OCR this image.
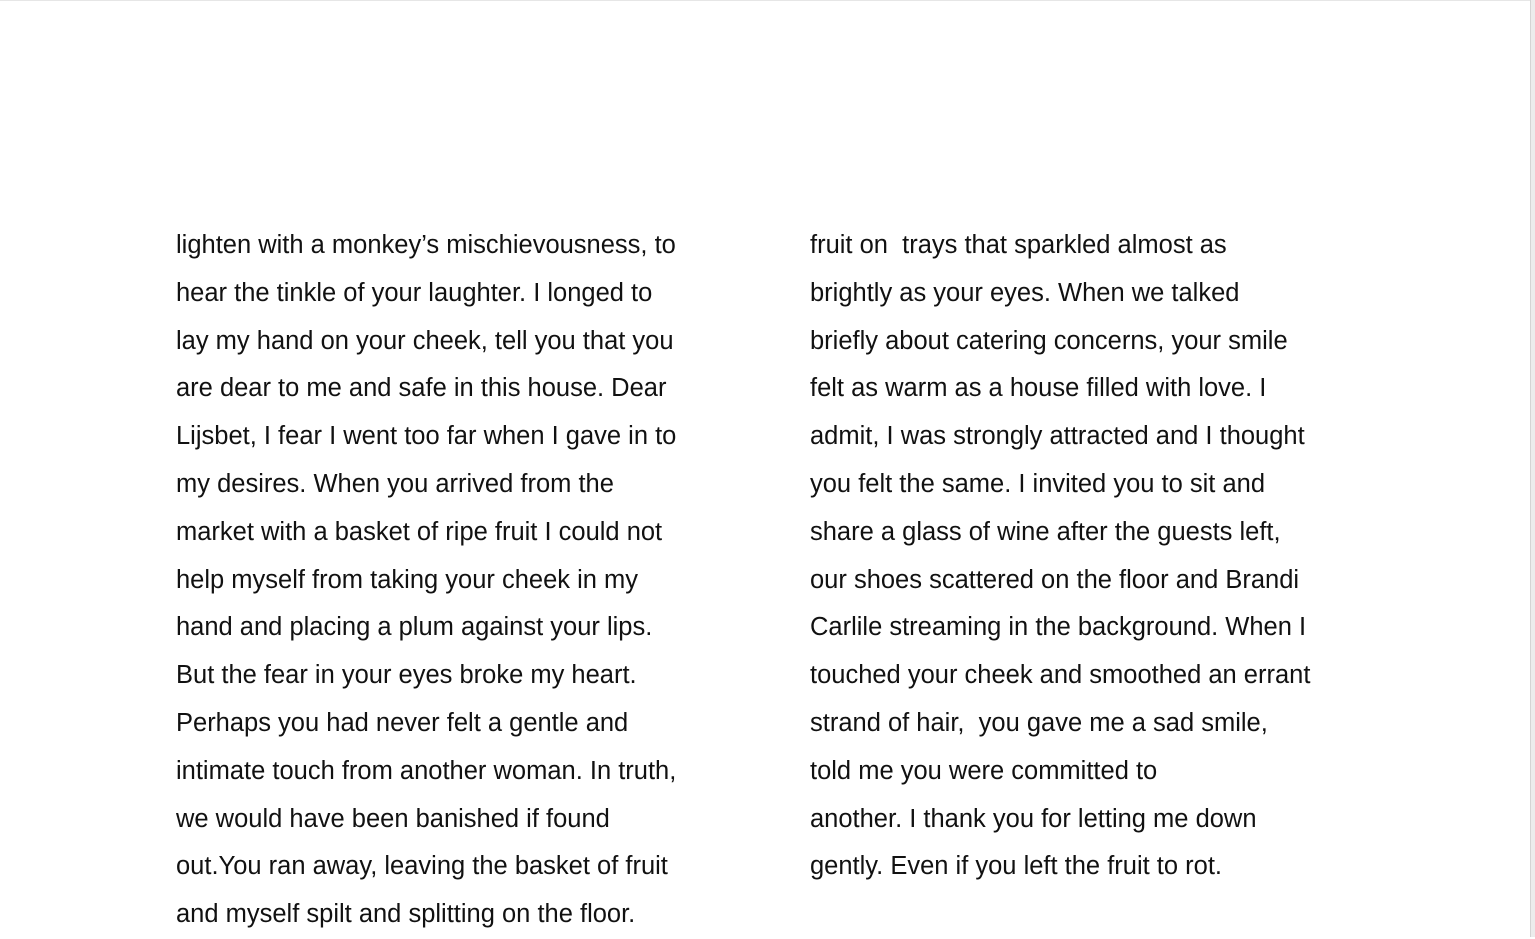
lighten with a monkey’s mischievousness, to
hear the tinkle of your laughter. I longed to
lay my hand on your cheek, tell you that you
are dear to me and safe in this house. Dear
Lijsbet, I fear I went too far when I gave in to
my desires. When you arrived from the
market with a basket of ripe fruit I could not
help myself from taking your cheek in my
hand and placing a plum against your lips.
But the fear in your eyes broke my heart.
Perhaps you had never felt a gentle and
intimate touch from another woman. In truth,
we would have been banished if found
out.You ran away, leaving the basket of fruit
and myself spilt and splitting on the floor.
fruit on  trays that sparkled almost as
brightly as your eyes. When we talked
briefly about catering concerns, your smile
felt as warm as a house filled with love. I
admit, I was strongly attracted and I thought
you felt the same. I invited you to sit and
share a glass of wine after the guests left,
our shoes scattered on the floor and Brandi
Carlile streaming in the background. When I
touched your cheek and smoothed an errant
strand of hair,  you gave me a sad smile,
told me you were committed to
another. I thank you for letting me down
gently. Even if you left the fruit to rot.
